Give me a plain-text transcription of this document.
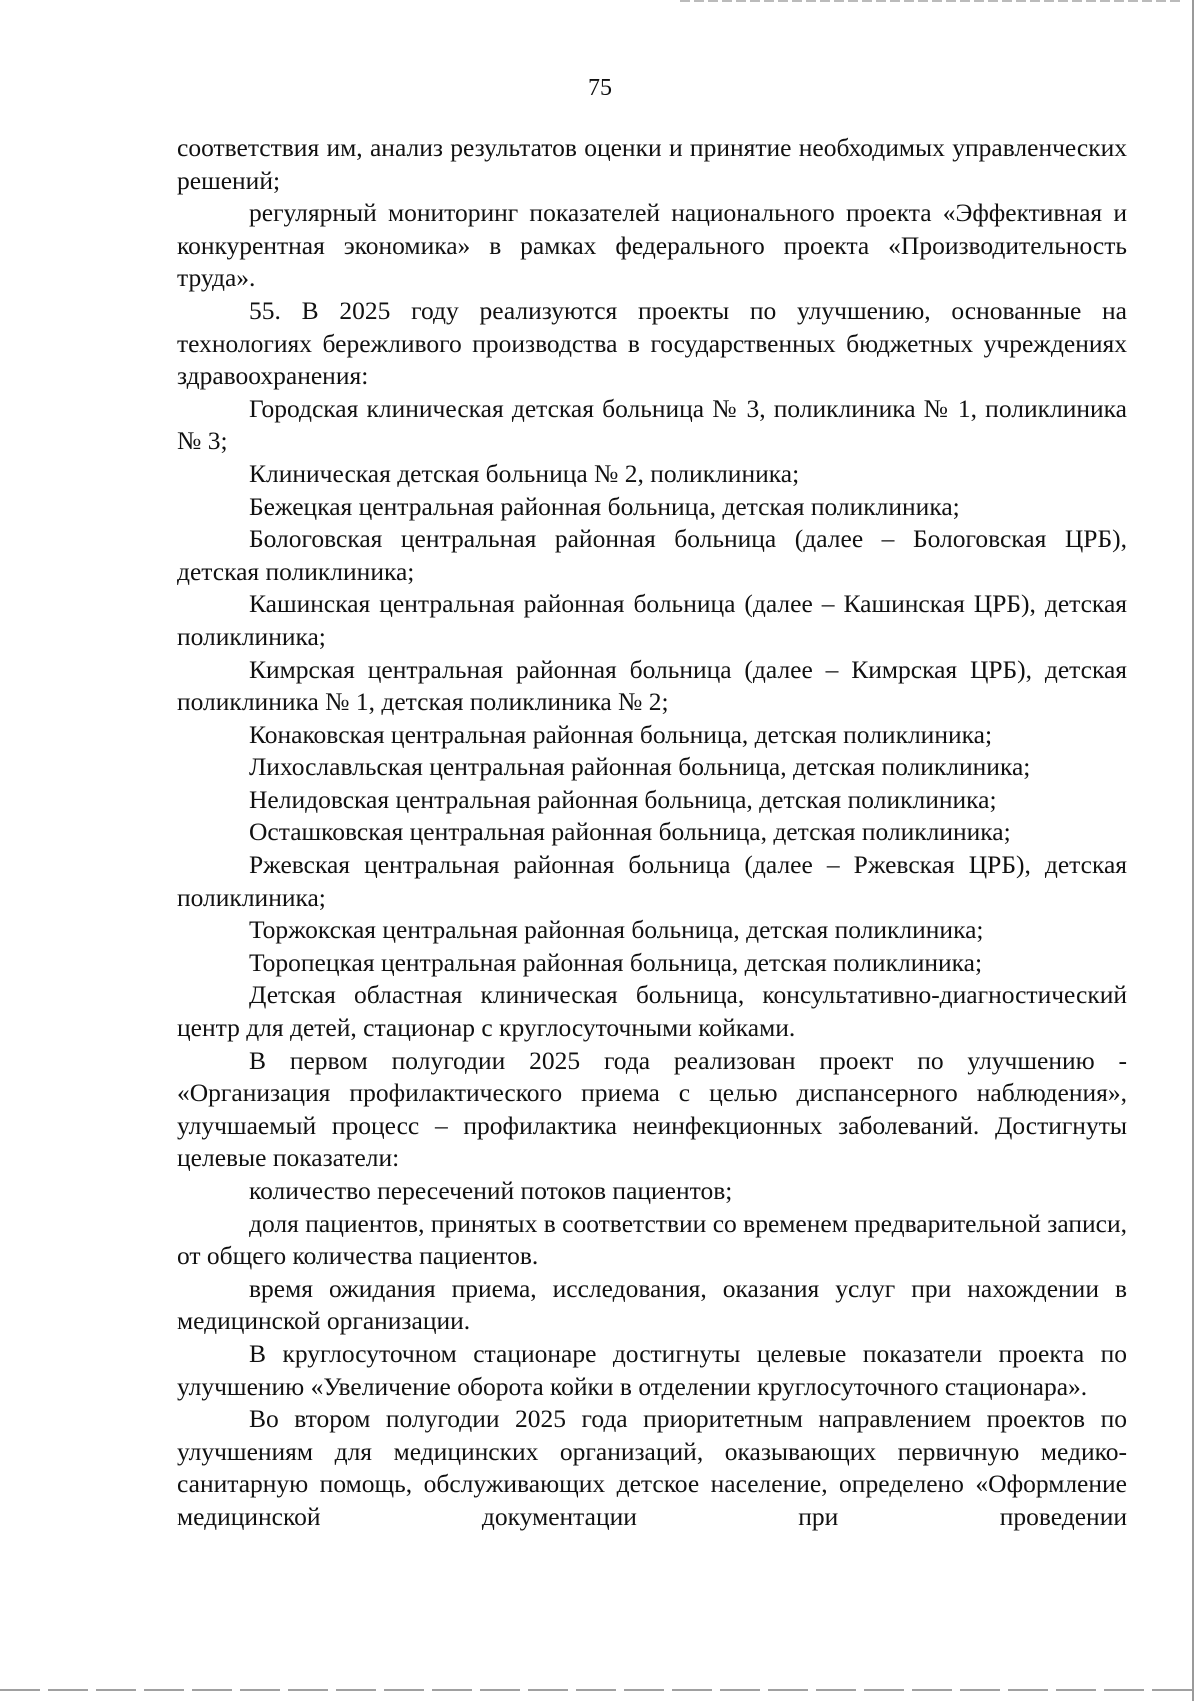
75

соответствия им, анализ результатов оценки и принятие необходимых управленческих решений;

регулярный мониторинг показателей национального проекта «Эффективная и конкурентная экономика» в рамках федерального проекта «Производительность труда».

55. В 2025 году реализуются проекты по улучшению, основанные на технологиях бережливого производства в государственных бюджетных учреждениях здравоохранения:

Городская клиническая детская больница № 3, поликлиника № 1, поликлиника № 3;

Клиническая детская больница № 2, поликлиника;

Бежецкая центральная районная больница, детская поликлиника;

Бологовская центральная районная больница (далее – Бологовская ЦРБ), детская поликлиника;

Кашинская центральная районная больница (далее – Кашинская ЦРБ), детская поликлиника;

Кимрская центральная районная больница (далее – Кимрская ЦРБ), детская поликлиника № 1, детская поликлиника № 2;

Конаковская центральная районная больница, детская поликлиника;

Лихославльская центральная районная больница, детская поликлиника;

Нелидовская центральная районная больница, детская поликлиника;

Осташковская центральная районная больница, детская поликлиника;

Ржевская центральная районная больница (далее – Ржевская ЦРБ), детская поликлиника;

Торжокская центральная районная больница, детская поликлиника;

Торопецкая центральная районная больница, детская поликлиника;

Детская областная клиническая больница, консультативно-диагностический центр для детей, стационар с круглосуточными койками.

В первом полугодии 2025 года реализован проект по улучшению - «Организация профилактического приема с целью диспансерного наблюдения», улучшаемый процесс – профилактика неинфекционных заболеваний. Достигнуты целевые показатели:

количество пересечений потоков пациентов;

доля пациентов, принятых в соответствии со временем предварительной записи, от общего количества пациентов.

время ожидания приема, исследования, оказания услуг при нахождении в медицинской организации.

В круглосуточном стационаре достигнуты целевые показатели проекта по улучшению «Увеличение оборота койки в отделении круглосуточного стационара».

Во втором полугодии 2025 года приоритетным направлением проектов по улучшениям для медицинских организаций, оказывающих первичную медико-санитарную помощь, обслуживающих детское население, определено «Оформление медицинской документации при проведении
